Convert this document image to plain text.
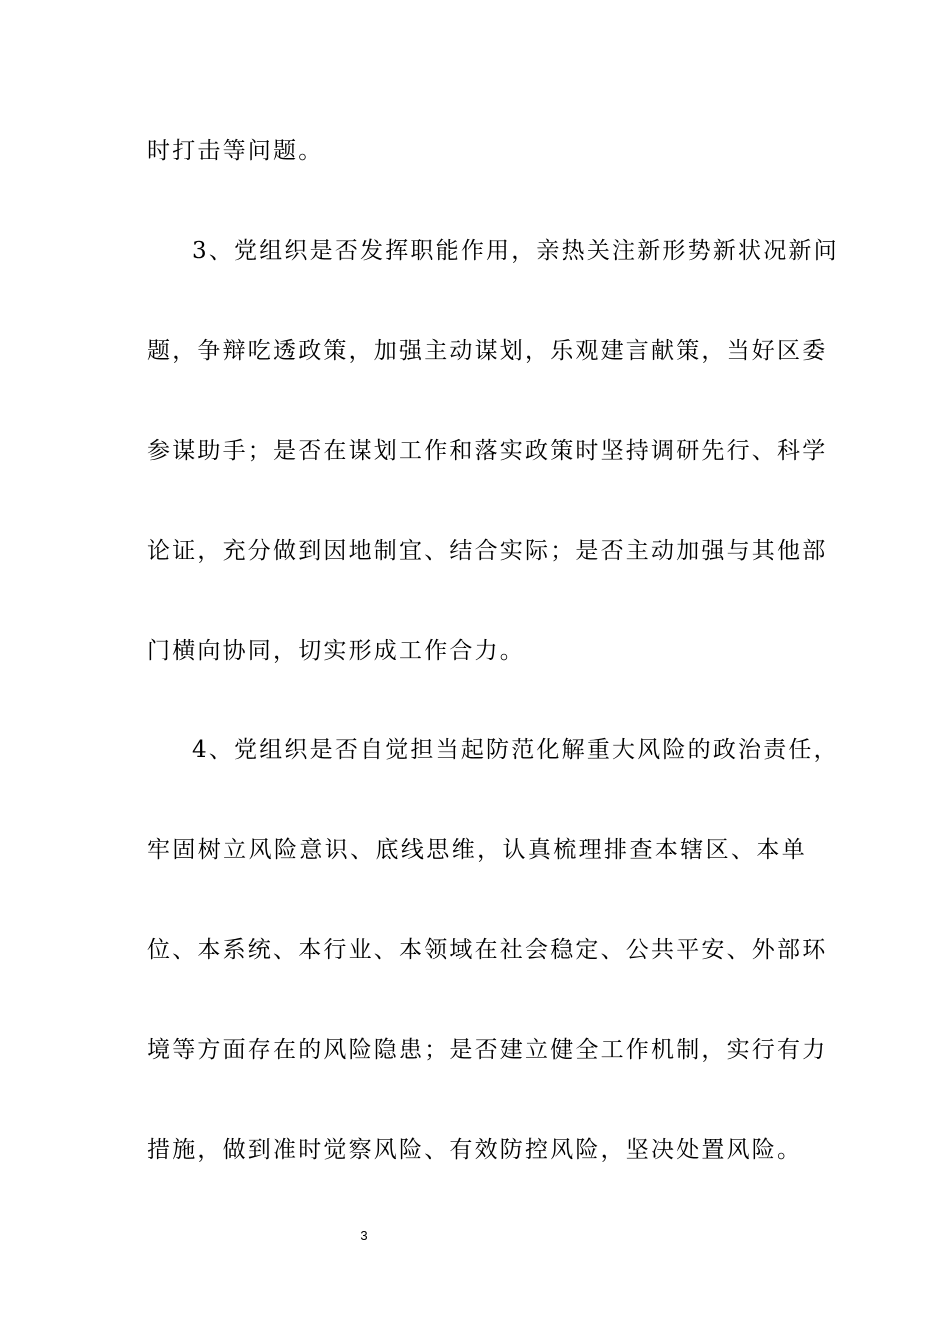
时打击等问题。
3、党组织是否发挥职能作用，亲热关注新形势新状况新问
题，争辩吃透政策，加强主动谋划，乐观建言献策，当好区委
参谋助手；是否在谋划工作和落实政策时坚持调研先行、科学
论证，充分做到因地制宜、结合实际；是否主动加强与其他部
门横向协同，切实形成工作合力。
4、党组织是否自觉担当起防范化解重大风险的政治责任，
牢固树立风险意识、底线思维，认真梳理排查本辖区、本单
位、本系统、本行业、本领域在社会稳定、公共平安、外部环
境等方面存在的风险隐患；是否建立健全工作机制，实行有力
措施，做到准时觉察风险、有效防控风险，坚决处置风险。
3
